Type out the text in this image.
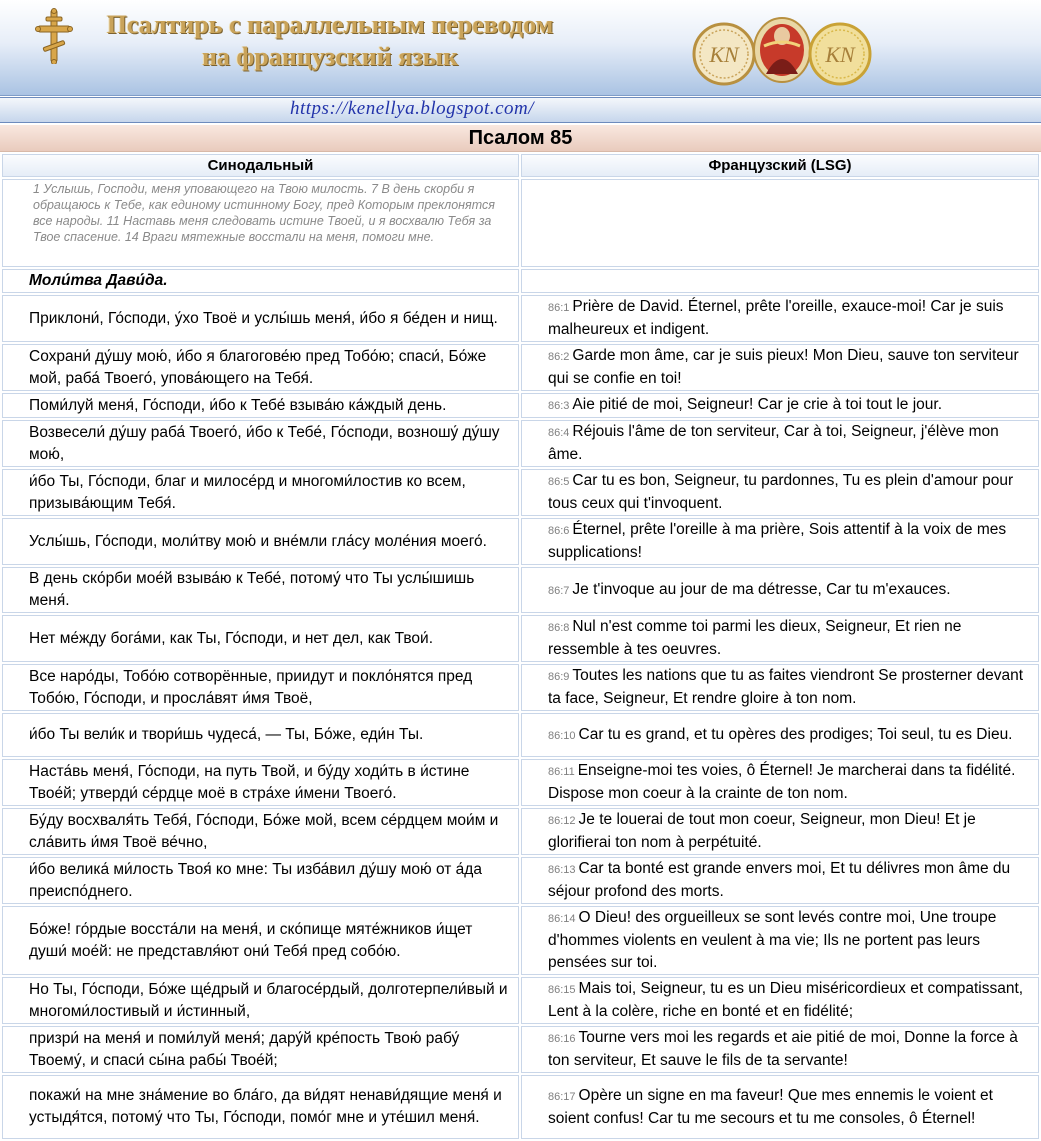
Псалтирь с параллельным переводом
на французский язык	КN	КN
https://kenellya.blogspot.com/
Псалом 85
Синодальный	Французский (LSG)
1 Услышь, Господи, меня уповающего на Твою милость. 7 В день скорби я обращаюсь к Тебе, как единому истинному Богу, пред Которым преклонятся все народы. 11 Наставь меня следовать истине Твоей, и я восхвалю Тебя за Твое спасение. 14 Враги мятежные восстали на меня, помоги мне.	
Моли́тва Дави́да.	
Приклони́, Го́споди, у́хо Твоё и услы́шь меня́, и́бо я бе́ден и нищ.	86:1 Prière de David. Éternel, prête l'oreille, exauce-moi! Car je suis malheureux et indigent.
Сохрани́ ду́шу мою́, и́бо я благогове́ю пред Тобо́ю; спаси́, Бо́же мой, раба́ Твоего́, упова́ющего на Тебя́.	86:2 Garde mon âme, car je suis pieux! Mon Dieu, sauve ton serviteur qui se confie en toi!
Поми́луй меня́, Го́споди, и́бо к Тебе́ взыва́ю ка́ждый день.	86:3 Aie pitié de moi, Seigneur! Car je crie à toi tout le jour.
Возвесели́ ду́шу раба́ Твоего́, и́бо к Тебе́, Го́споди, возношу́ ду́шу мою́,	86:4 Réjouis l'âme de ton serviteur, Car à toi, Seigneur, j'élève mon âme.
и́бо Ты, Го́споди, благ и милосе́рд и многоми́лостив ко всем, призыва́ющим Тебя́.	86:5 Car tu es bon, Seigneur, tu pardonnes, Tu es plein d'amour pour tous ceux qui t'invoquent.
Услы́шь, Го́споди, моли́тву мою́ и вне́мли гла́су моле́ния моего́.	86:6 Éternel, prête l'oreille à ma prière, Sois attentif à la voix de mes supplications!
В день ско́рби мое́й взыва́ю к Тебе́, потому́ что Ты услы́шишь меня́.	86:7 Je t'invoque au jour de ma détresse, Car tu m'exauces.
Нет ме́жду бога́ми, как Ты, Го́споди, и нет дел, как Твои́.	86:8 Nul n'est comme toi parmi les dieux, Seigneur, Et rien ne ressemble à tes oeuvres.
Все наро́ды, Тобо́ю сотворённые, приидут и покло́нятся пред Тобо́ю, Го́споди, и просла́вят и́мя Твоё,	86:9 Toutes les nations que tu as faites viendront Se prosterner devant ta face, Seigneur, Et rendre gloire à ton nom.
и́бо Ты вели́к и твори́шь чудеса́, — Ты, Бо́же, еди́н Ты.	86:10 Car tu es grand, et tu opères des prodiges; Toi seul, tu es Dieu.
Наста́вь меня́, Го́споди, на путь Твой, и бу́ду ходи́ть в и́стине Твое́й; утверди́ се́рдце моё в стра́хе и́мени Твоего́.	86:11 Enseigne-moi tes voies, ô Éternel! Je marcherai dans ta fidélité. Dispose mon coeur à la crainte de ton nom.
Бу́ду восхваля́ть Тебя́, Го́споди, Бо́же мой, всем се́рдцем мои́м и сла́вить и́мя Твоё ве́чно,	86:12 Je te louerai de tout mon coeur, Seigneur, mon Dieu! Et je glorifierai ton nom à perpétuité.
и́бо велика́ ми́лость Твоя́ ко мне: Ты изба́вил ду́шу мою́ от а́да преиспо́днего.	86:13 Car ta bonté est grande envers moi, Et tu délivres mon âme du séjour profond des morts.
Бо́же! го́рдые восста́ли на меня́, и ско́пище мяте́жников и́щет души́ мое́й: не представля́ют они́ Тебя́ пред собо́ю.	86:14 O Dieu! des orgueilleux se sont levés contre moi, Une troupe d'hommes violents en veulent à ma vie; Ils ne portent pas leurs pensées sur toi.
Но Ты, Го́споди, Бо́же ще́дрый и благосе́рдый, долготерпели́вый и многоми́лостивый и и́стинный,	86:15 Mais toi, Seigneur, tu es un Dieu miséricordieux et compatissant, Lent à la colère, riche en bonté et en fidélité;
призри́ на меня́ и поми́луй меня́; дару́й кре́пость Твою́ рабу́ Твоему́, и спаси́ сы́на рабы́ Твое́й;	86:16 Tourne vers moi les regards et aie pitié de moi, Donne la force à ton serviteur, Et sauve le fils de ta servante!
покажи́ на мне зна́мение во бла́го, да ви́дят ненави́дящие меня́ и устыдя́тся, потому́ что Ты, Го́споди, помо́г мне и уте́шил меня́.	86:17 Opère un signe en ma faveur! Que mes ennemis le voient et soient confus! Car tu me secours et tu me consoles, ô Éternel!
